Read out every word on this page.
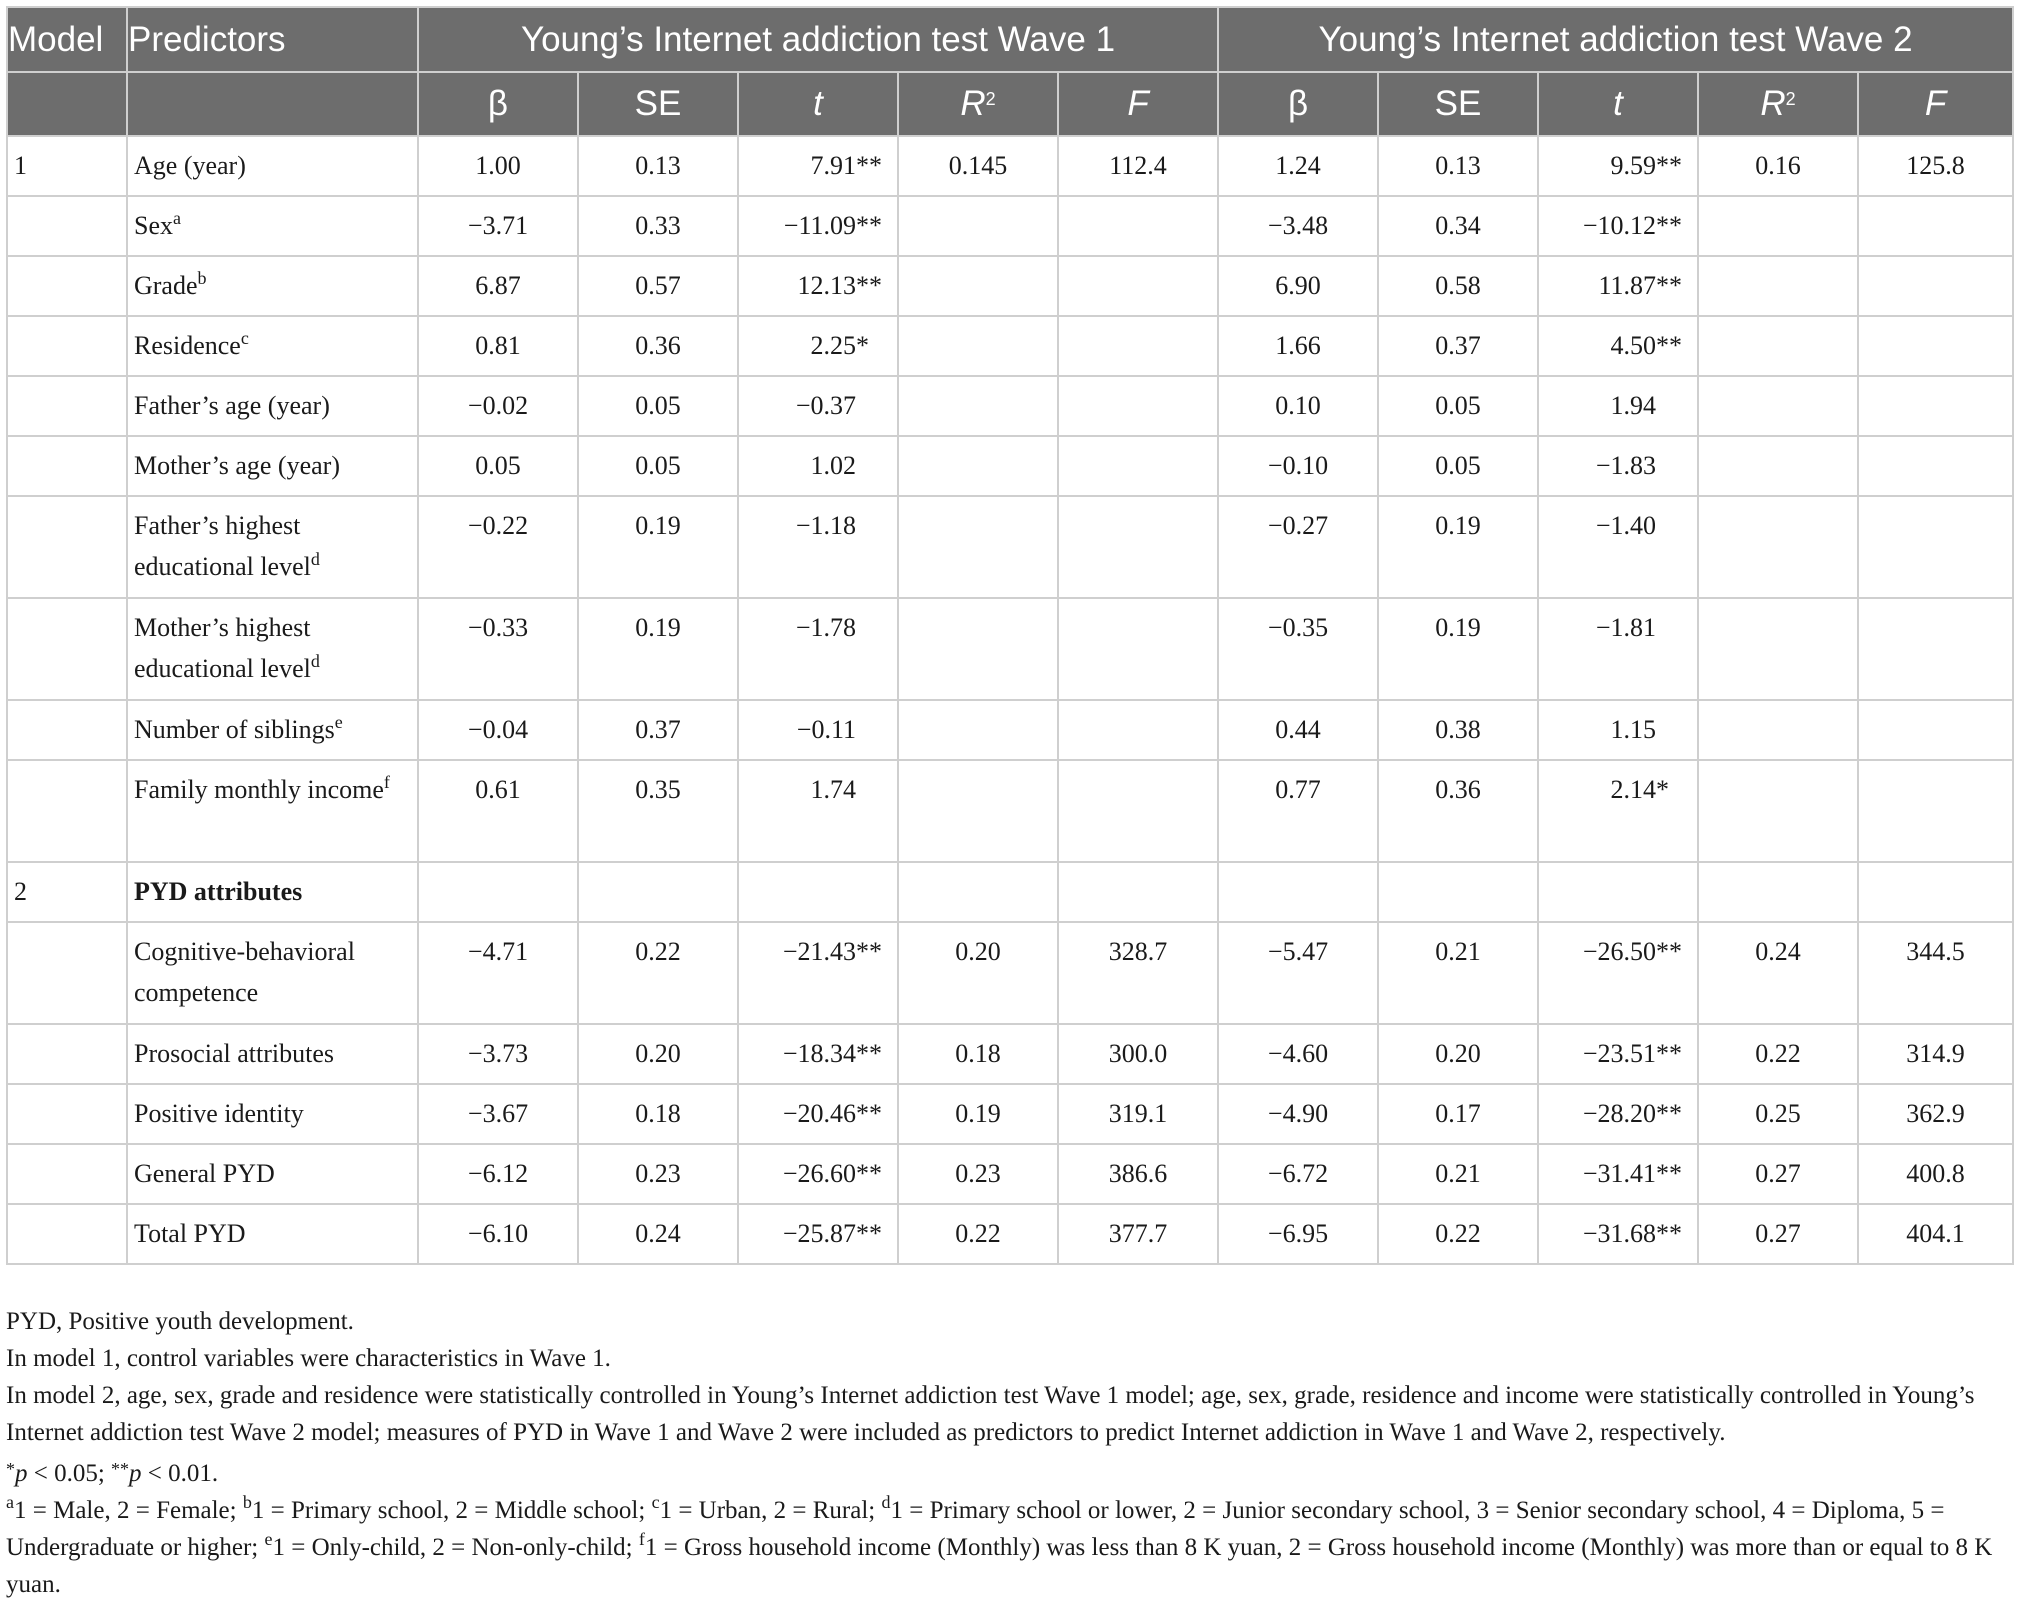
Model	Predictors	Young’s Internet addiction test Wave 1					Young’s Internet addiction test Wave 2				
		β	SE	t	$R^2$	F	β	SE	t	$R^2$	F
1	Age (year)	1.00	0.13	7.91**	0.145	112.4	1.24	0.13	9.59**	0.16	125.8
	Sex$^a$	−3.71	0.33	−11.09**			−3.48	0.34	−10.12**		
	Grade$^b$	6.87	0.57	12.13**			6.90	0.58	11.87**		
	Residence$^c$	0.81	0.36	2.25*			1.66	0.37	4.50**		
	Father’s age (year)	−0.02	0.05	−0.37			0.10	0.05	1.94		
	Mother’s age (year)	0.05	0.05	1.02			−0.10	0.05	−1.83		
	Father’s highest educational level$^d$	−0.22	0.19	−1.18			−0.27	0.19	−1.40		
	Mother’s highest educational level$^d$	−0.33	0.19	−1.78			−0.35	0.19	−1.81		
	Number of siblings$^e$	−0.04	0.37	−0.11			0.44	0.38	1.15		
	Family monthly income$^f$	0.61	0.35	1.74			0.77	0.36	2.14*		
2	PYD attributes										
	Cognitive-behavioral competence	−4.71	0.22	−21.43**	0.20	328.7	−5.47	0.21	−26.50**	0.24	344.5
	Prosocial attributes	−3.73	0.20	−18.34**	0.18	300.0	−4.60	0.20	−23.51**	0.22	314.9
	Positive identity	−3.67	0.18	−20.46**	0.19	319.1	−4.90	0.17	−28.20**	0.25	362.9
	General PYD	−6.12	0.23	−26.60**	0.23	386.6	−6.72	0.21	−31.41**	0.27	400.8
	Total PYD	−6.10	0.24	−25.87**	0.22	377.7	−6.95	0.22	−31.68**	0.27	404.1

PYD, Positive youth development.

In model 1, control variables were characteristics in Wave 1.

In model 2, age, sex, grade and residence were statistically controlled in Young’s Internet addiction test Wave 1 model; age, sex, grade, residence and income were statistically controlled in Young’s Internet addiction test Wave 2 model; measures of PYD in Wave 1 and Wave 2 were included as predictors to predict Internet addiction in Wave 1 and Wave 2, respectively.

*p < 0.05; **p < 0.01.

$^a$1 = Male, 2 = Female; $^b$1 = Primary school, 2 = Middle school; $^c$1 = Urban, 2 = Rural; $^d$1 = Primary school or lower, 2 = Junior secondary school, 3 = Senior secondary school, 4 = Diploma, 5 = Undergraduate or higher; $^e$1 = Only-child, 2 = Non-only-child; $^f$1 = Gross household income (Monthly) was less than 8 K yuan, 2 = Gross household income (Monthly) was more than or equal to 8 K yuan.
